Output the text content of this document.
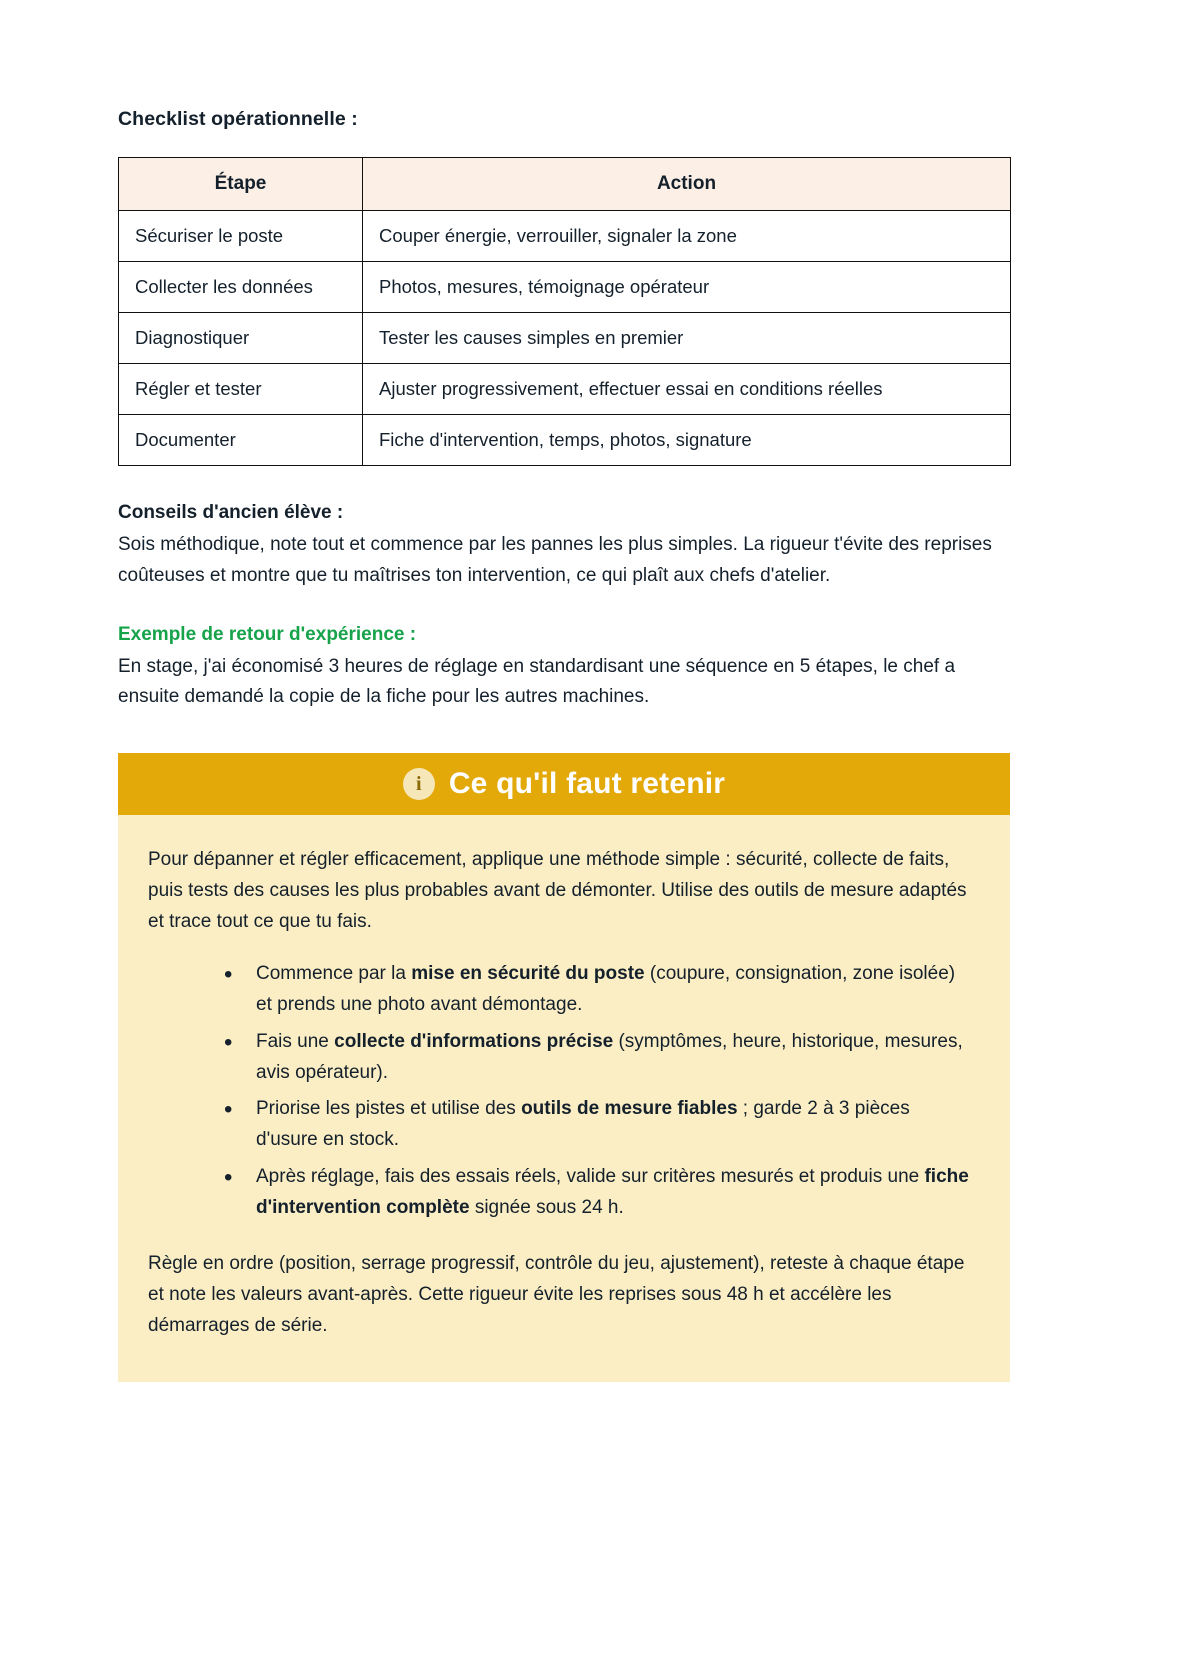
Checklist opérationnelle :
Étape	Action
Sécuriser le poste	Couper énergie, verrouiller, signaler la zone
Collecter les données	Photos, mesures, témoignage opérateur
Diagnostiquer	Tester les causes simples en premier
Régler et tester	Ajuster progressivement, effectuer essai en conditions réelles
Documenter	Fiche d'intervention, temps, photos, signature
Conseils d'ancien élève :

Sois méthodique, note tout et commence par les pannes les plus simples. La rigueur t'évite des reprises coûteuses et montre que tu maîtrises ton intervention, ce qui plaît aux chefs d'atelier.

Exemple de retour d'expérience :

En stage, j'ai économisé 3 heures de réglage en standardisant une séquence en 5 étapes, le chef a ensuite demandé la copie de la fiche pour les autres machines.

i Ce qu'il faut retenir

Pour dépanner et régler efficacement, applique une méthode simple : sécurité, collecte de faits, puis tests des causes les plus probables avant de démonter. Utilise des outils de mesure adaptés et trace tout ce que tu fais.

• Commence par la mise en sécurité du poste (coupure, consignation, zone isolée) et prends une photo avant démontage.
• Fais une collecte d'informations précise (symptômes, heure, historique, mesures, avis opérateur).
• Priorise les pistes et utilise des outils de mesure fiables ; garde 2 à 3 pièces d'usure en stock.
• Après réglage, fais des essais réels, valide sur critères mesurés et produis une fiche d'intervention complète signée sous 24 h.

Règle en ordre (position, serrage progressif, contrôle du jeu, ajustement), reteste à chaque étape et note les valeurs avant-après. Cette rigueur évite les reprises sous 48 h et accélère les démarrages de série.
